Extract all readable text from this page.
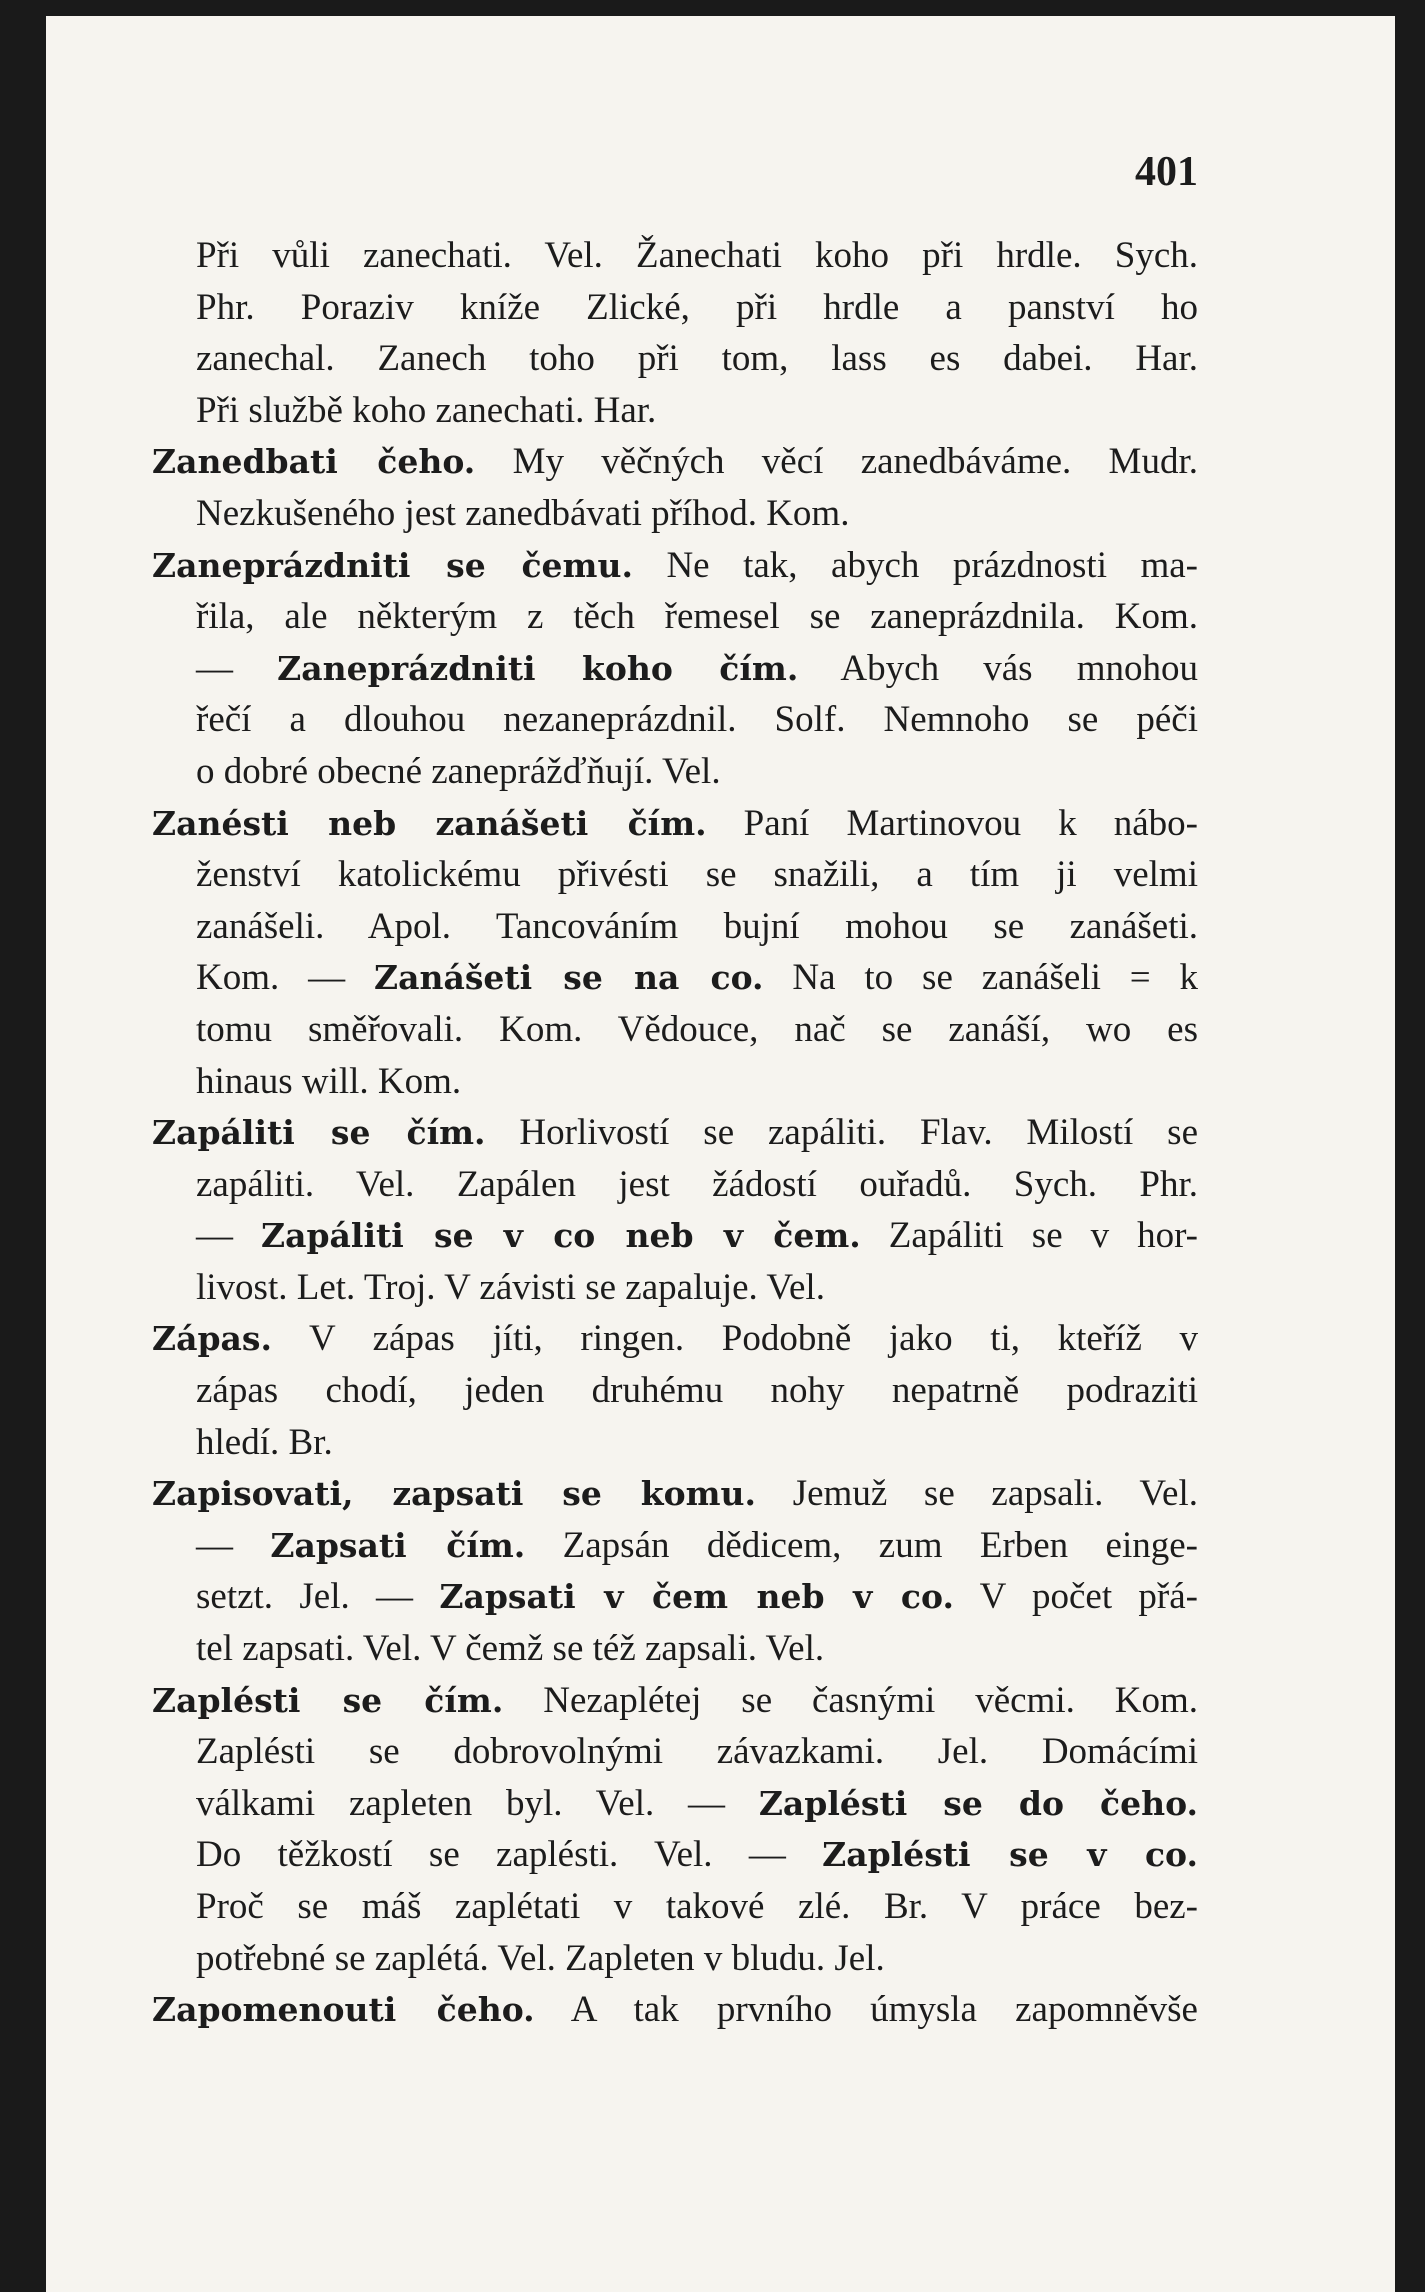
401
Při vůli zanechati. Vel. Žanechati koho při hrdle. Sych.
Phr. Poraziv kníže Zlické, při hrdle a panství ho
zanechal. Zanech toho při tom, lass es dabei. Har.
Při službě koho zanechati. Har.
Zanedbati čeho. My věčných věcí zanedbáváme. Mudr.
Nezkušeného jest zanedbávati příhod. Kom.
Zaneprázdniti se čemu. Ne tak, abych prázdnosti ma-
řila, ale některým z těch řemesel se zaneprázdnila. Kom.
— Zaneprázdniti koho čím. Abych vás mnohou
řečí a dlouhou nezaneprázdnil. Solf. Nemnoho se péči
o dobré obecné zaneprážďňují. Vel.
Zanésti neb zanášeti čím. Paní Martinovou k nábo-
ženství katolickému přivésti se snažili, a tím ji velmi
zanášeli. Apol. Tancováním bujní mohou se zanášeti.
Kom. — Zanášeti se na co. Na to se zanášeli = k
tomu směřovali. Kom. Vědouce, nač se zanáší, wo es
hinaus will. Kom.
Zapáliti se čím. Horlivostí se zapáliti. Flav. Milostí se
zapáliti. Vel. Zapálen jest žádostí ouřadů. Sych. Phr.
— Zapáliti se v co neb v čem. Zapáliti se v hor-
livost. Let. Troj. V závisti se zapaluje. Vel.
Zápas. V zápas jíti, ringen. Podobně jako ti, kteříž v
zápas chodí, jeden druhému nohy nepatrně podraziti
hledí. Br.
Zapisovati, zapsati se komu. Jemuž se zapsali. Vel.
— Zapsati čím. Zapsán dědicem, zum Erben einge-
setzt. Jel. — Zapsati v čem neb v co. V počet přá-
tel zapsati. Vel. V čemž se též zapsali. Vel.
Zaplésti se čím. Nezaplétej se časnými věcmi. Kom.
Zaplésti se dobrovolnými závazkami. Jel. Domácími
válkami zapleten byl. Vel. — Zaplésti se do čeho.
Do těžkostí se zaplésti. Vel. — Zaplésti se v co.
Proč se máš zaplétati v takové zlé. Br. V práce bez-
potřebné se zaplétá. Vel. Zapleten v bludu. Jel.
Zapomenouti čeho. A tak prvního úmysla zapomněvše
